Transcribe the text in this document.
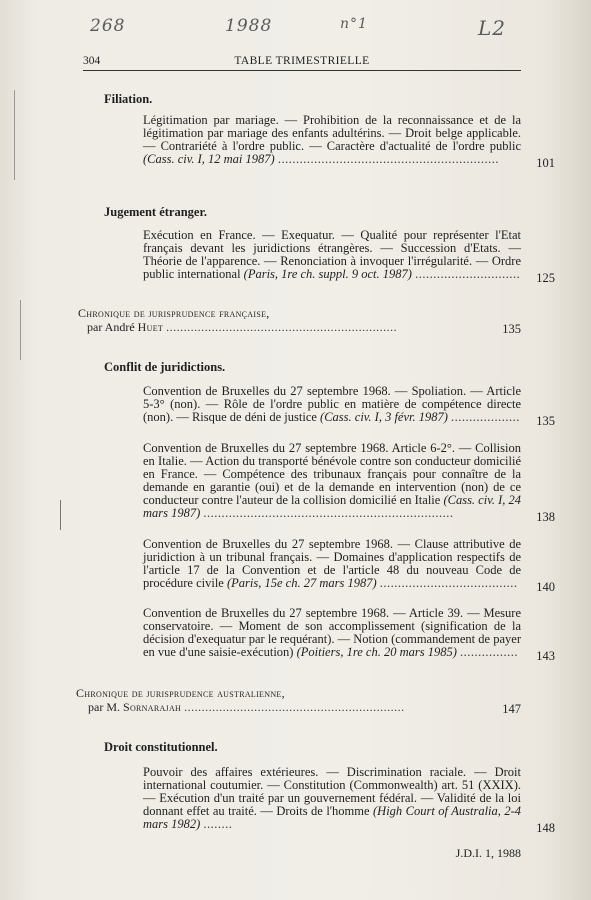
268	1988	n°1	L2
304	TABLE TRIMESTRIELLE
Filiation.
Légitimation par mariage. — Prohibition de la reconnaissance et de la légitimation par mariage des enfants adultérins. — Droit belge applicable. — Contrariété à l'ordre public. — Caractère d'actualité de l'ordre public (Cass. civ. I, 12 mai 1987) .............................................................	101
Jugement étranger.
Exécution en France. — Exequatur. — Qualité pour représenter l'Etat français devant les juridictions étrangères. — Succession d'Etats. — Théorie de l'apparence. — Renonciation à invoquer l'irrégularité. — Ordre public international (Paris, 1re ch. suppl. 9 oct. 1987) ............................. 125
Chronique de jurisprudence française,
par André Huet ..................................................................	135
Conflit de juridictions.
Convention de Bruxelles du 27 septembre 1968. — Spoliation. — Article 5-3° (non). — Rôle de l'ordre public en matière de compétence directe (non). — Risque de déni de justice (Cass. civ. I, 3 févr. 1987) ................... 135
Convention de Bruxelles du 27 septembre 1968. Article 6-2°. — Collision en Italie. — Action du transporté bénévole contre son conducteur domicilié en France. — Compétence des tribunaux français pour connaître de la demande en garantie (oui) et de la demande en intervention (non) de ce conducteur contre l'auteur de la collision domicilié en Italie (Cass. civ. I, 24 mars 1987) .....................................................................	138
Convention de Bruxelles du 27 septembre 1968. — Clause attributive de juridiction à un tribunal français. — Domaines d'application respectifs de l'article 17 de la Convention et de l'article 48 du nouveau Code de procédure civile (Paris, 15e ch. 27 mars 1987) ...................................... 140
Convention de Bruxelles du 27 septembre 1968. — Article 39. — Mesure conservatoire. — Moment de son accomplissement (signification de la décision d'exequatur par le requérant). — Notion (commandement de payer en vue d'une saisie-exécution) (Poitiers, 1re ch. 20 mars 1985) ................ 143
Chronique de jurisprudence australienne,
par M. Sornarajah ...............................................................	147
Droit constitutionnel.
Pouvoir des affaires extérieures. — Discrimination raciale. — Droit international coutumier. — Constitution (Commonwealth) art. 51 (XXIX). — Exécution d'un traité par un gouvernement fédéral. — Validité de la loi donnant effet au traité. — Droits de l'homme (High Court of Australia, 2-4 mars 1982) ........	148
J.D.I. 1, 1988
